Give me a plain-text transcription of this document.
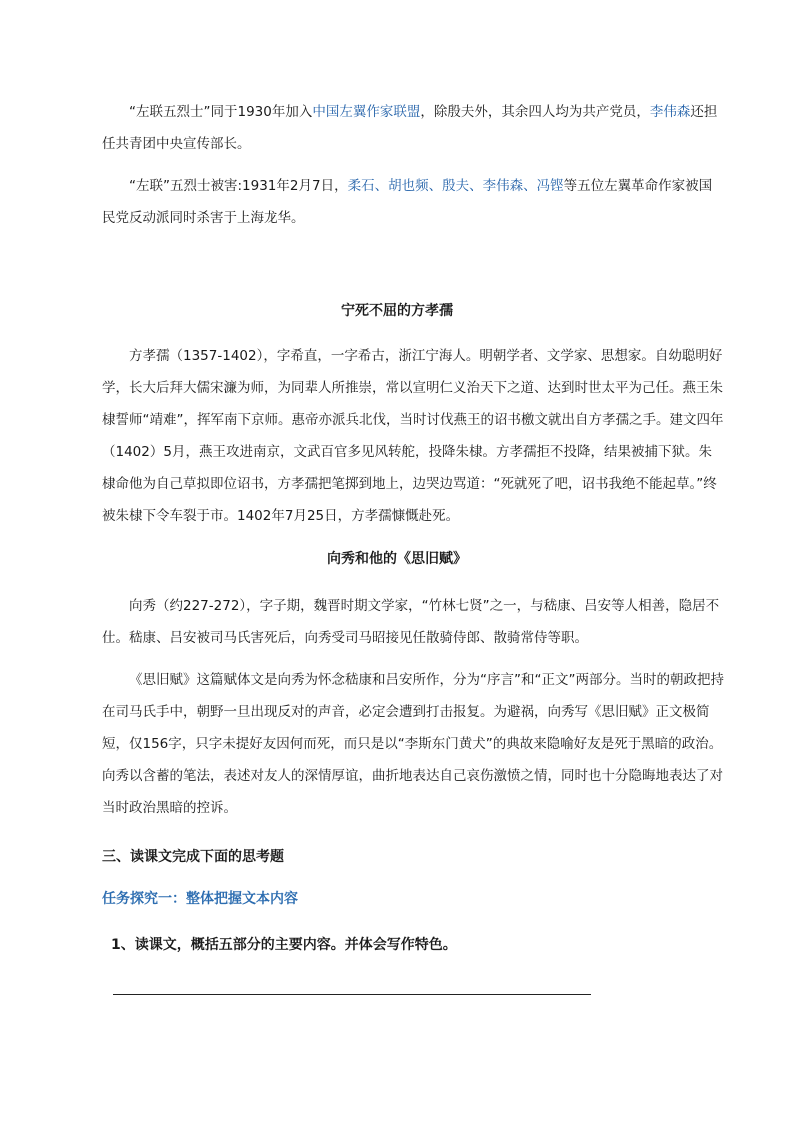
“左联五烈士”同于1930年加入中国左翼作家联盟，除殷夫外，其余四人均为共产党员，李伟森还担任共青团中央宣传部长。

“左联”五烈士被害:1931年2月7日，柔石、胡也频、殷夫、李伟森、冯铿等五位左翼革命作家被国民党反动派同时杀害于上海龙华。

宁死不屈的方孝孺

方孝孺（1357-1402），字希直，一字希古，浙江宁海人。明朝学者、文学家、思想家。自幼聪明好学，长大后拜大儒宋濂为师，为同辈人所推崇，常以宣明仁义治天下之道、达到时世太平为己任。燕王朱棣誓师“靖难”，挥军南下京师。惠帝亦派兵北伐，当时讨伐燕王的诏书檄文就出自方孝孺之手。建文四年（1402）5月，燕王攻进南京，文武百官多见风转舵，投降朱棣。方孝孺拒不投降，结果被捕下狱。朱棣命他为自己草拟即位诏书，方孝孺把笔掷到地上，边哭边骂道：“死就死了吧，诏书我绝不能起草。”终被朱棣下令车裂于市。1402年7月25日，方孝孺慷慨赴死。

向秀和他的《思旧赋》

向秀（约227-272），字子期，魏晋时期文学家，“竹林七贤”之一，与嵇康、吕安等人相善，隐居不仕。嵇康、吕安被司马氏害死后，向秀受司马昭接见任散骑侍郎、散骑常侍等职。

《思旧赋》这篇赋体文是向秀为怀念嵇康和吕安所作，分为“序言”和“正文”两部分。当时的朝政把持在司马氏手中，朝野一旦出现反对的声音，必定会遭到打击报复。为避祸，向秀写《思旧赋》正文极简短，仅156字，只字未提好友因何而死，而只是以“李斯东门黄犬”的典故来隐喻好友是死于黑暗的政治。向秀以含蓄的笔法，表述对友人的深情厚谊，曲折地表达自己哀伤激愤之情，同时也十分隐晦地表达了对当时政治黑暗的控诉。

三、读课文完成下面的思考题

任务探究一：整体把握文本内容

1、读课文，概括五部分的主要内容。并体会写作特色。
